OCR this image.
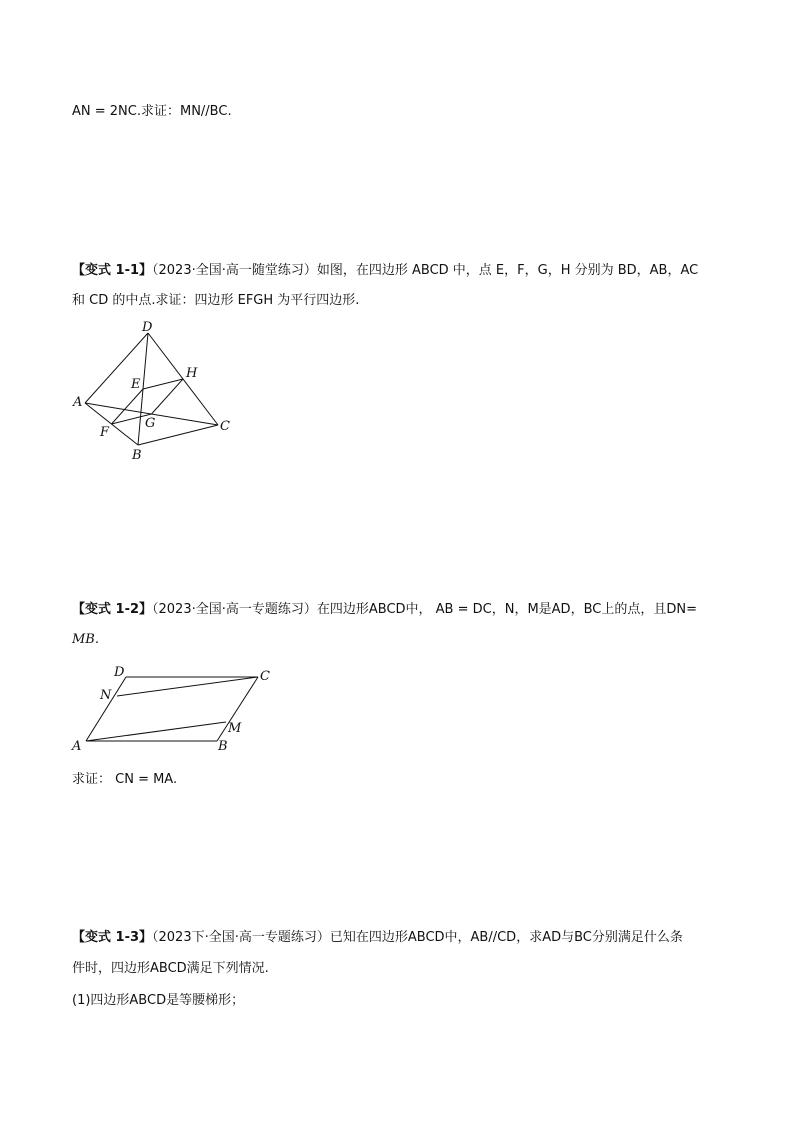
AN = 2NC.求证：MN//BC.
【变式 1-1】（2023·全国·高一随堂练习）如图，在四边形 ABCD 中，点 E，F，G，H 分别为 BD，AB，AC
和 CD 的中点.求证：四边形 EFGH 为平行四边形.
D
A
B
C
E
F
G
H
【变式 1-2】（2023·全国·高一专题练习）在四边形ABCD中， AB = DC，N，M是AD，BC上的点，且DN=
MB.
D	C
N
M
A	B
求证： CN = MA.
【变式 1-3】（2023下·全国·高一专题练习）已知在四边形ABCD中，AB//CD，求AD与BC分别满足什么条
件时，四边形ABCD满足下列情况.
(1)四边形ABCD是等腰梯形；
